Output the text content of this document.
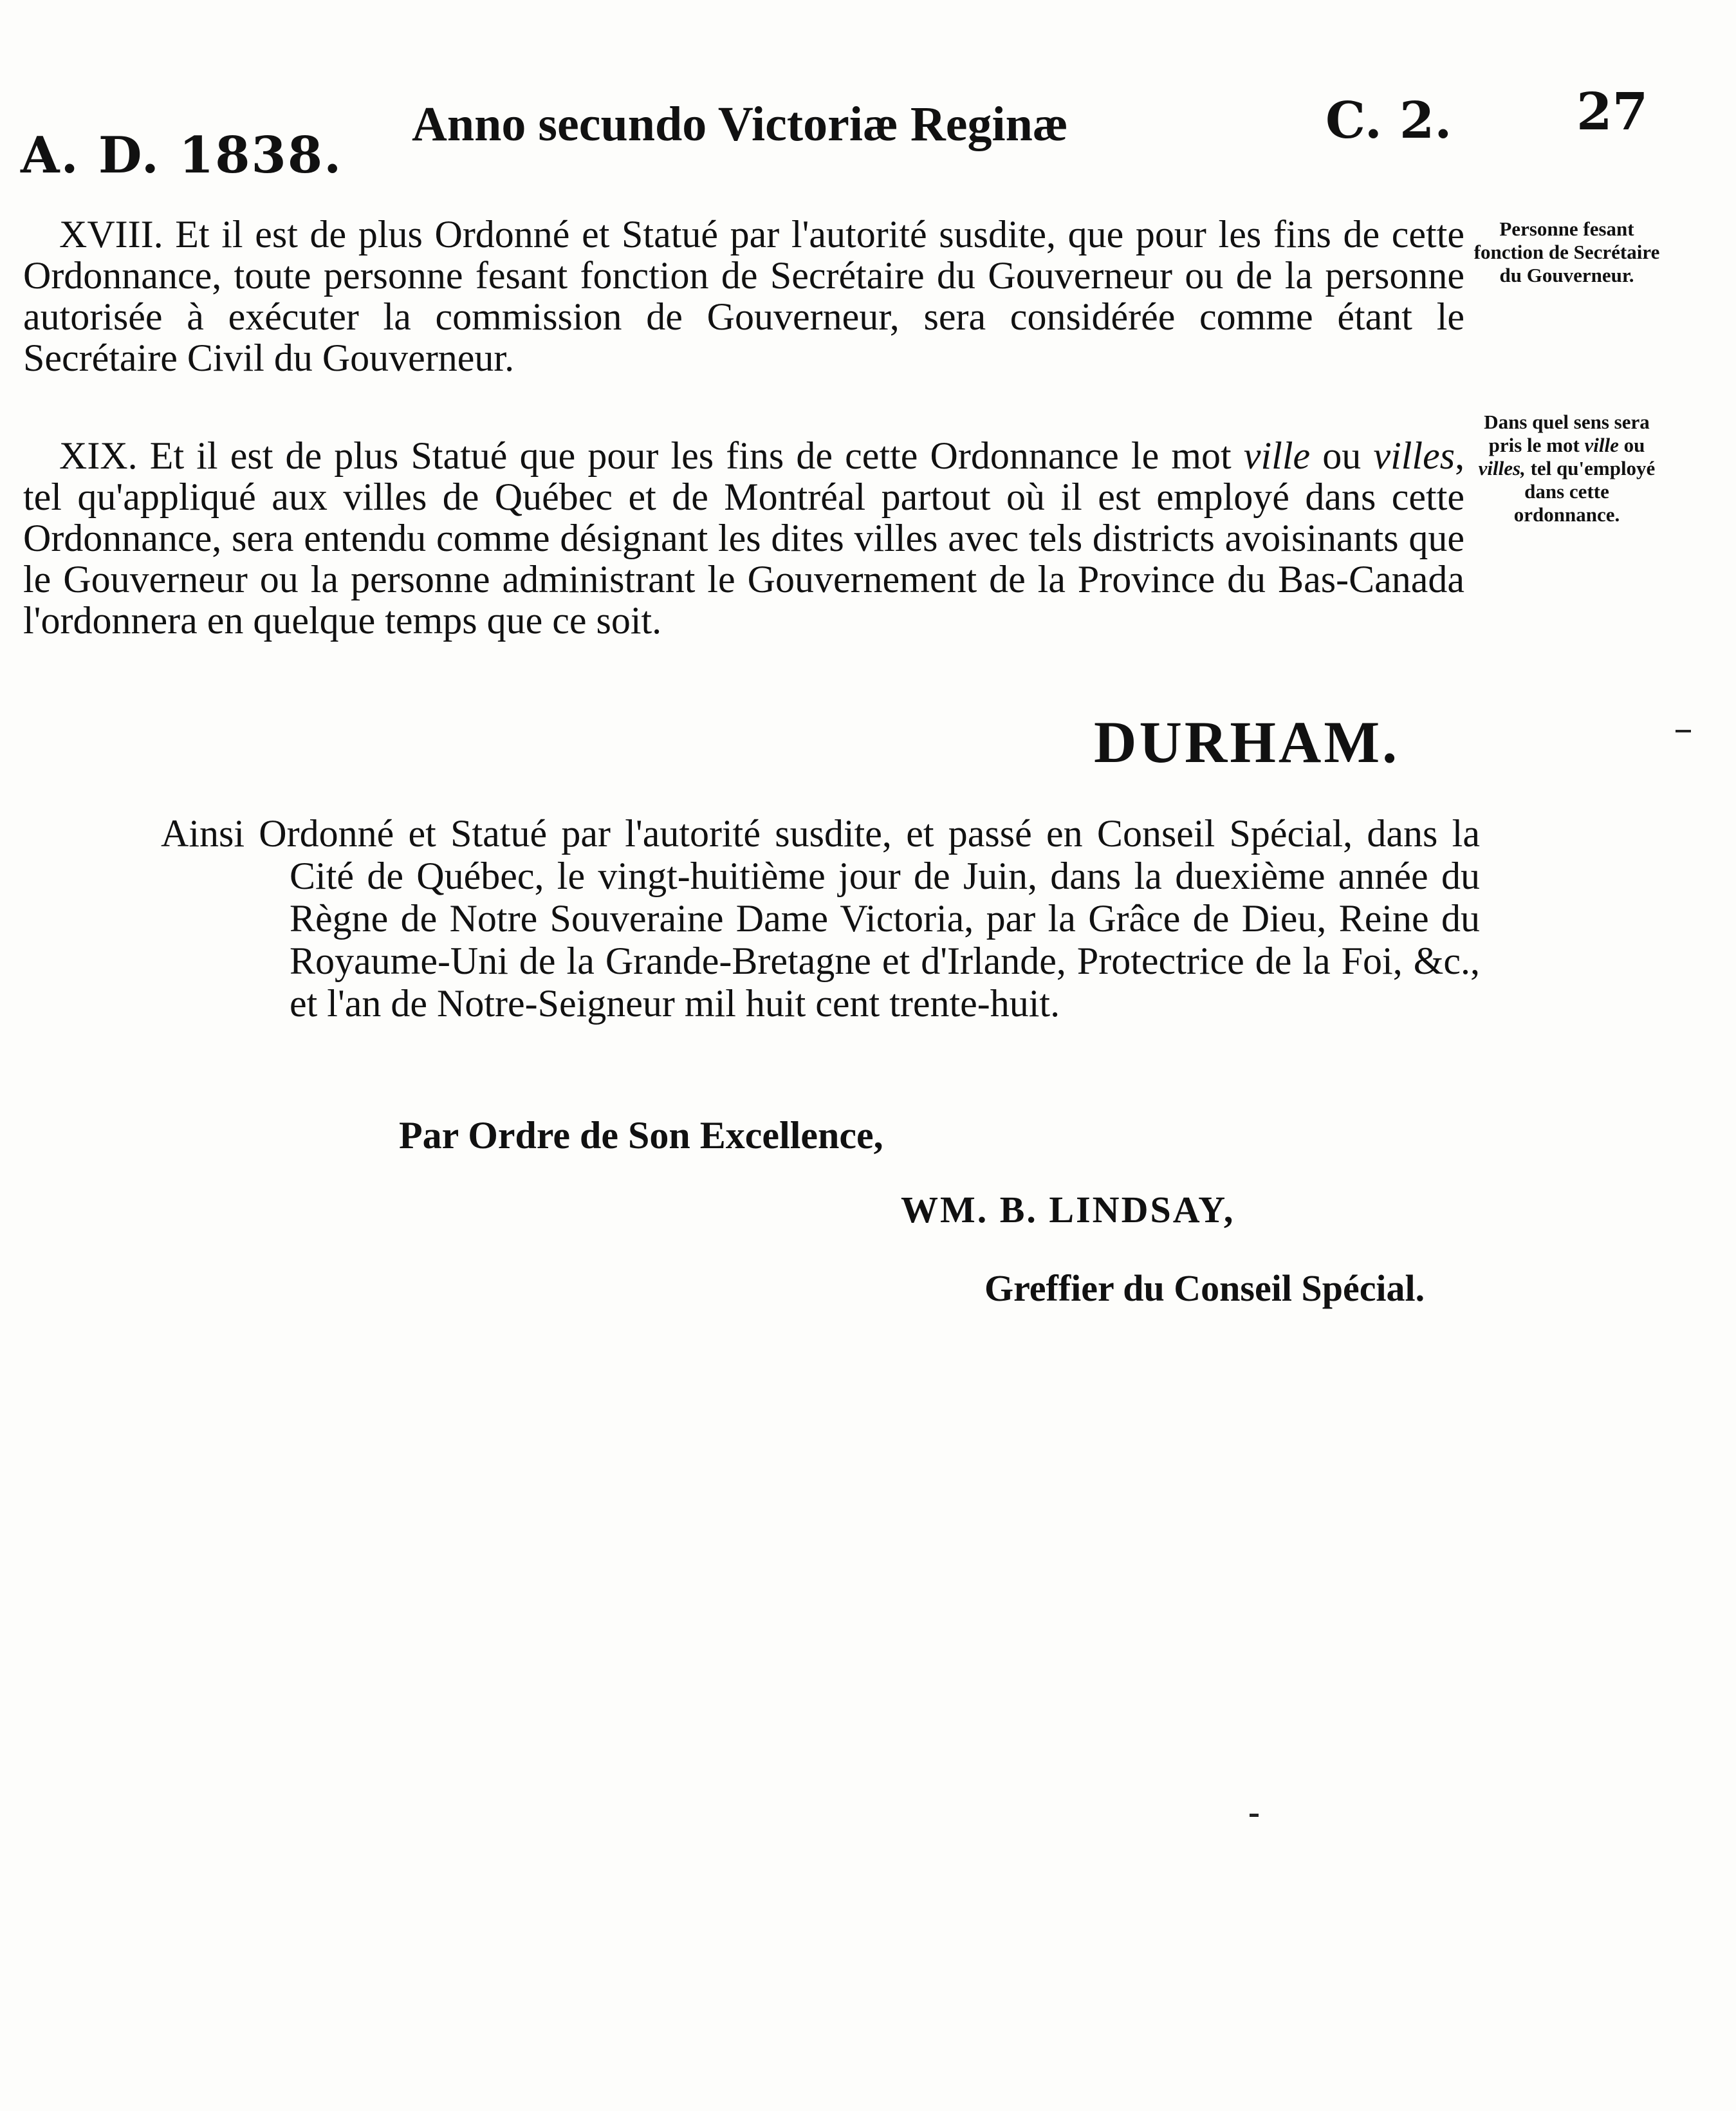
A. D. 1838.
Anno secundo Victoriæ Reginæ	C. 2. 27
XVIII. Et il est de plus Ordonné et Statué par l'autorité susdite, que pour les fins de cette Ordonnance, toute personne fesant fonction de Secrétaire du Gouverneur ou de la personne autorisée à exécuter la commission de Gouverneur, sera considérée comme étant le Secrétaire Civil du Gouverneur.
Personne fesant fonction de Secrétaire du Gouverneur.
XIX. Et il est de plus Statué que pour les fins de cette Ordonnance le mot ville ou villes, tel qu'appliqué aux villes de Québec et de Montréal partout où il est employé dans cette Ordonnance, sera entendu comme désignant les dites villes avec tels districts avoisinants que le Gouverneur ou la personne administrant le Gouvernement de la Province du Bas-Canada l'ordonnera en quelque temps que ce soit.
Dans quel sens sera pris le mot ville ou villes, tel qu'employé dans cette ordonnance.
DURHAM.
Ainsi Ordonné et Statué par l'autorité susdite, et passé en Conseil Spécial, dans la Cité de Québec, le vingt-huitième jour de Juin, dans la duexième année du Règne de Notre Souveraine Dame Victoria, par la Grâce de Dieu, Reine du Royaume-Uni de la Grande-Bretagne et d'Irlande, Protectrice de la Foi, &c., et l'an de Notre-Seigneur mil huit cent trente-huit.
Par Ordre de Son Excellence,
WM. B. LINDSAY,
Greffier du Conseil Spécial.
